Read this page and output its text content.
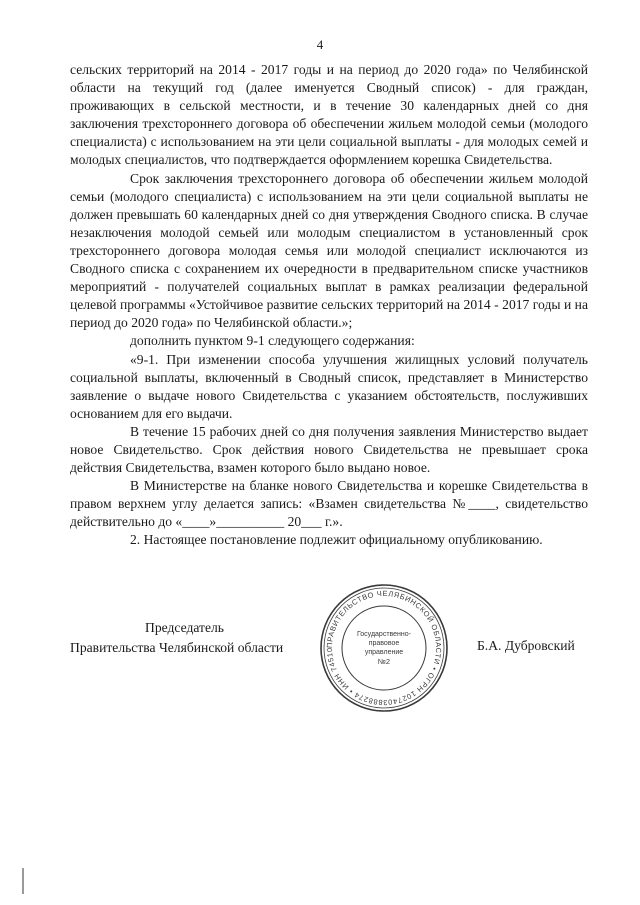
4

сельских территорий на 2014 - 2017 годы и на период до 2020 года» по Челябинской области на текущий год (далее именуется Сводный список) - для граждан, проживающих в сельской местности, и в течение 30 календарных дней со дня заключения трехстороннего договора об обеспечении жильем молодой семьи (молодого специалиста) с использованием на эти цели социальной выплаты - для молодых семей и молодых специалистов, что подтверждается оформлением корешка Свидетельства.

Срок заключения трехстороннего договора об обеспечении жильем молодой семьи (молодого специалиста) с использованием на эти цели социальной выплаты не должен превышать 60 календарных дней со дня утверждения Сводного списка. В случае незаключения молодой семьей или молодым специалистом в установленный срок трехстороннего договора молодая семья или молодой специалист исключаются из Сводного списка с сохранением их очередности в предварительном списке участников мероприятий - получателей социальных выплат в рамках реализации федеральной целевой программы «Устойчивое развитие сельских территорий на 2014 - 2017 годы и на период до 2020 года» по Челябинской области.»;

дополнить пунктом 9-1 следующего содержания:

«9-1. При изменении способа улучшения жилищных условий получатель социальной выплаты, включенный в Сводный список, представляет в Министерство заявление о выдаче нового Свидетельства с указанием обстоятельств, послуживших основанием для его выдачи.

В течение 15 рабочих дней со дня получения заявления Министерство выдает новое Свидетельство. Срок действия нового Свидетельства не превышает срока действия Свидетельства, взамен которого было выдано новое.

В Министерстве на бланке нового Свидетельства и корешке Свидетельства в правом верхнем углу делается запись: «Взамен свидетельства №____, свидетельство действительно до «____»__________ 20___ г.».

2. Настоящее постановление подлежит официальному опубликованию.

Председатель
Правительства Челябинской области	ПРАВИТЕЛЬСТВО ЧЕЛЯБИНСКОЙ ОБЛАСТИ • ОГРН 1027403888274 • ИНН 74510
Государственно-
правовое
управление
№2
Б.А. Дубровский
